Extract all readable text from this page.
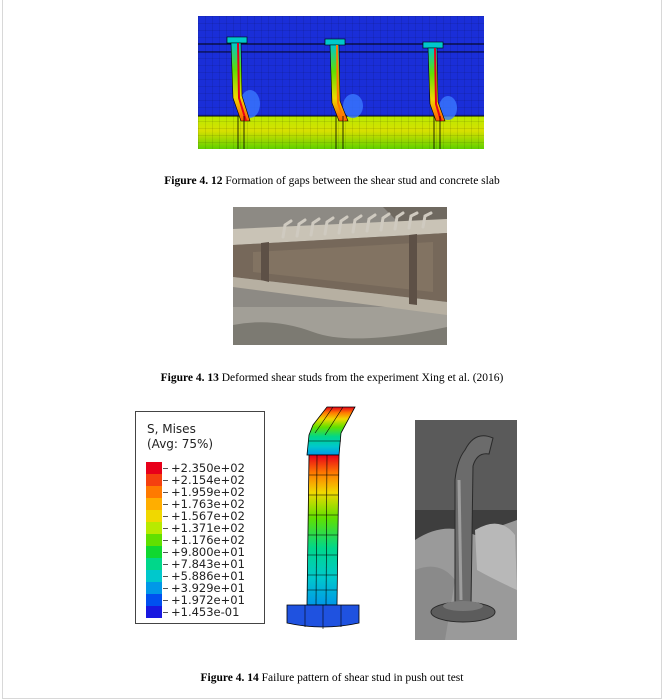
Figure 4. 12 Formation of gaps between the shear stud and concrete slab
Figure 4. 13 Deformed shear studs from the experiment Xing et al. (2016)
S, Mises
(Avg: 75%)
+2.350e+02
+2.154e+02
+1.959e+02
+1.763e+02
+1.567e+02
+1.371e+02
+1.176e+02
+9.800e+01
+7.843e+01
+5.886e+01
+3.929e+01
+1.972e+01
+1.453e-01
Figure 4. 14 Failure pattern of shear stud in push out test
